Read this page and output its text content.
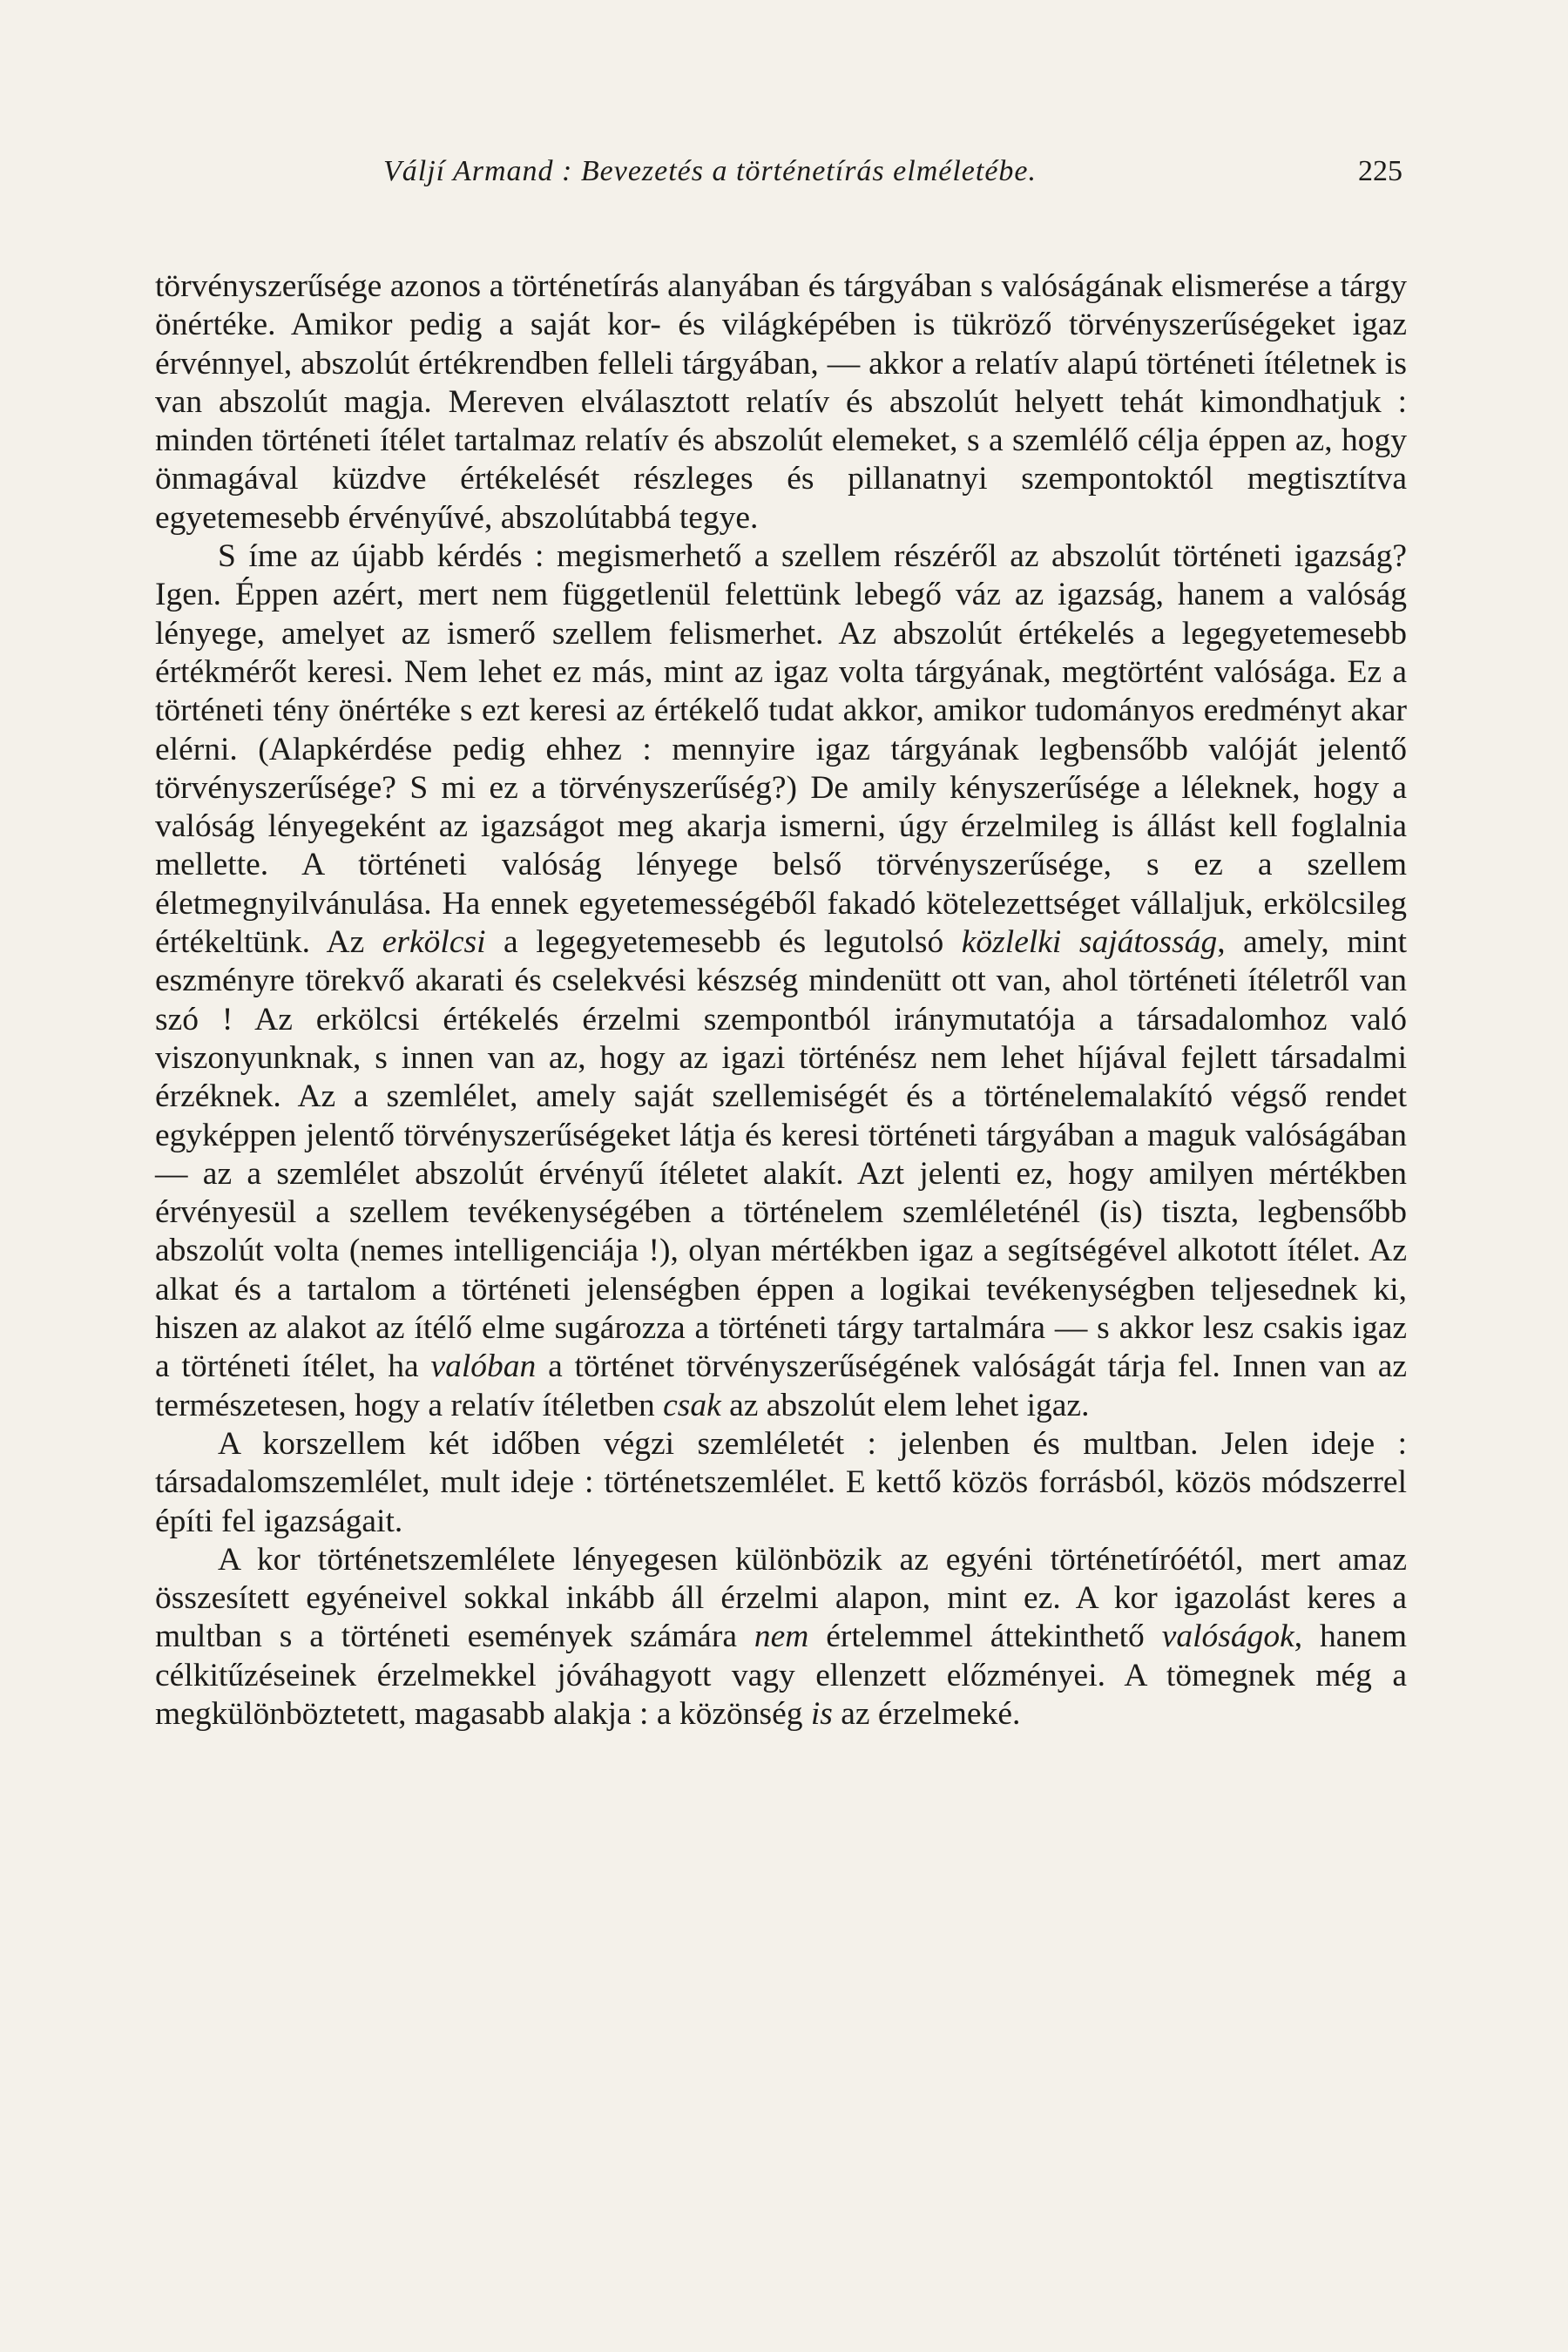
Váljí Armand : Bevezetés a történetírás elméletébe.	225

törvényszerűsége azonos a történetírás alanyában és tárgyában s valóságának elismerése a tárgy önértéke. Amikor pedig a saját kor- és világképében is tükröző törvényszerűségeket igaz érvénnyel, abszolút értékrendben felleli tárgyában, — akkor a relatív alapú történeti ítéletnek is van abszolút magja. Mereven elválasztott relatív és abszolút helyett tehát kimondhatjuk : minden történeti ítélet tartalmaz relatív és abszolút elemeket, s a szemlélő célja éppen az, hogy önmagával küzdve értékelését részleges és pillanatnyi szempontoktól megtisztítva egyetemesebb érvényűvé, abszolútabbá tegye.

S íme az újabb kérdés : megismerhető a szellem részéről az abszolút történeti igazság? Igen. Éppen azért, mert nem függetlenül felettünk lebegő váz az igazság, hanem a valóság lényege, amelyet az ismerő szellem felismerhet. Az abszolút értékelés a legegyetemesebb értékmérőt keresi. Nem lehet ez más, mint az igaz volta tárgyának, megtörtént valósága. Ez a történeti tény önértéke s ezt keresi az értékelő tudat akkor, amikor tudományos eredményt akar elérni. (Alapkérdése pedig ehhez : mennyire igaz tárgyának legbensőbb valóját jelentő törvényszerűsége? S mi ez a törvényszerűség?) De amily kényszerűsége a léleknek, hogy a valóság lényegeként az igazságot meg akarja ismerni, úgy érzelmileg is állást kell foglalnia mellette. A történeti valóság lényege belső törvényszerűsége, s ez a szellem életmegnyilvánulása. Ha ennek egyetemességéből fakadó kötelezettséget vállaljuk, erkölcsileg értékeltünk. Az erkölcsi a legegyetemesebb és legutolsó közlelki sajátosság, amely, mint eszményre törekvő akarati és cselekvési készség mindenütt ott van, ahol történeti ítéletről van szó ! Az erkölcsi értékelés érzelmi szempontból iránymutatója a társadalomhoz való viszonyunknak, s innen van az, hogy az igazi történész nem lehet híjával fejlett társadalmi érzéknek. Az a szemlélet, amely saját szellemiségét és a történelemalakító végső rendet egyképpen jelentő törvényszerűségeket látja és keresi történeti tárgyában a maguk valóságában — az a szemlélet abszolút érvényű ítéletet alakít. Azt jelenti ez, hogy amilyen mértékben érvényesül a szellem tevékenységében a történelem szemléleténél (is) tiszta, legbensőbb abszolút volta (nemes intelligenciája !), olyan mértékben igaz a segítségével alkotott ítélet. Az alkat és a tartalom a történeti jelenségben éppen a logikai tevékenységben teljesednek ki, hiszen az alakot az ítélő elme sugározza a történeti tárgy tartalmára — s akkor lesz csakis igaz a történeti ítélet, ha valóban a történet törvényszerűségének valóságát tárja fel. Innen van az természetesen, hogy a relatív ítéletben csak az abszolút elem lehet igaz.

A korszellem két időben végzi szemléletét : jelenben és multban. Jelen ideje : társadalomszemlélet, mult ideje : történetszemlélet. E kettő közös forrásból, közös módszerrel építi fel igazságait.

A kor történetszemlélete lényegesen különbözik az egyéni történetíróétól, mert amaz összesített egyéneivel sokkal inkább áll érzelmi alapon, mint ez. A kor igazolást keres a multban s a történeti események számára nem értelemmel áttekinthető valóságok, hanem célkitűzéseinek érzelmekkel jóváhagyott vagy ellenzett előzményei. A tömegnek még a megkülönböztetett, magasabb alakja : a közönség is az érzelmeké.
